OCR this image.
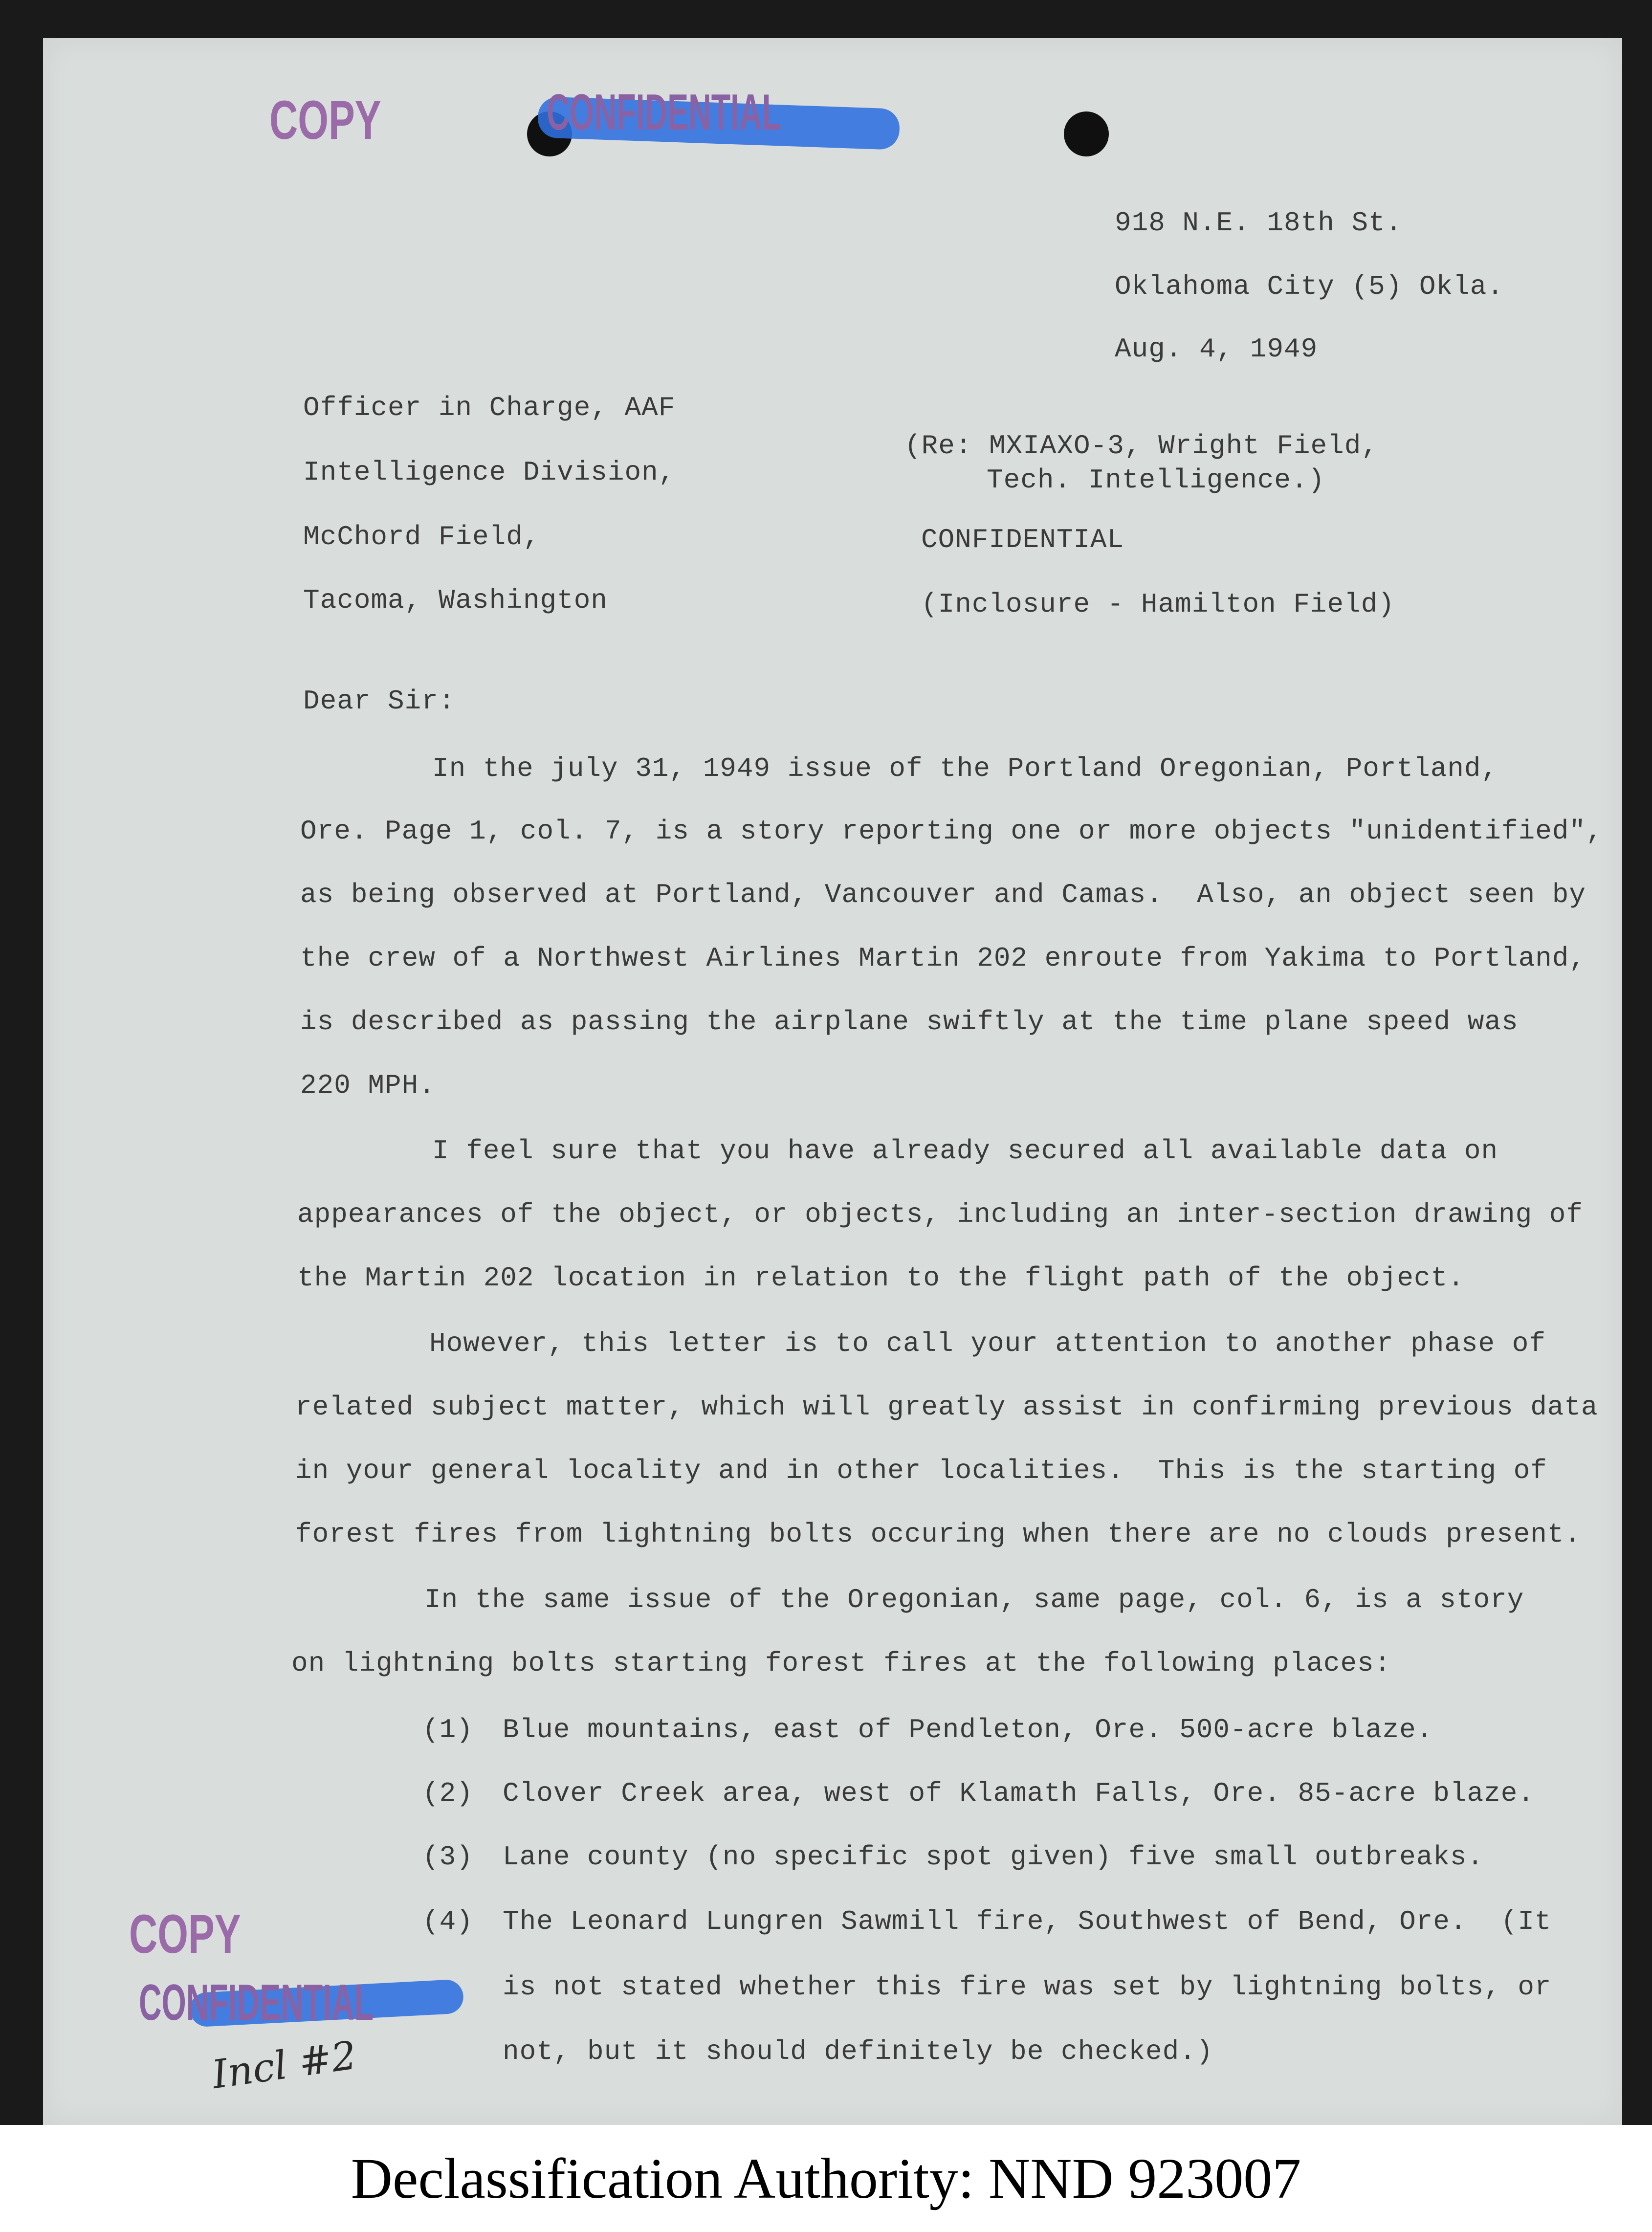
COPY	CONFIDENTIAL
918 N.E. 18th St.
Oklahoma City (5) Okla.
Aug. 4, 1949
Officer in Charge, AAF
Intelligence Division,
McChord Field,
Tacoma, Washington
(Re: MXIAXO-3, Wright Field,
Tech. Intelligence.)
CONFIDENTIAL
(Inclosure - Hamilton Field)
Dear Sir:
In the july 31, 1949 issue of the Portland Oregonian, Portland,
Ore. Page 1, col. 7, is a story reporting one or more objects "unidentified",
as being observed at Portland, Vancouver and Camas.  Also, an object seen by
the crew of a Northwest Airlines Martin 202 enroute from Yakima to Portland,
is described as passing the airplane swiftly at the time plane speed was
220 MPH.
I feel sure that you have already secured all available data on
appearances of the object, or objects, including an inter-section drawing of
the Martin 202 location in relation to the flight path of the object.
However, this letter is to call your attention to another phase of
related subject matter, which will greatly assist in confirming previous data
in your general locality and in other localities.  This is the starting of
forest fires from lightning bolts occuring when there are no clouds present.
In the same issue of the Oregonian, same page, col. 6, is a story
on lightning bolts starting forest fires at the following places:
(1) Blue mountains, east of Pendleton, Ore. 500-acre blaze.
(2) Clover Creek area, west of Klamath Falls, Ore. 85-acre blaze.
(3) Lane county (no specific spot given) five small outbreaks.
(4) The Leonard Lungren Sawmill fire, Southwest of Bend, Ore.  (It
is not stated whether this fire was set by lightning bolts, or
not, but it should definitely be checked.)
COPY
CONFIDENTIAL
Incl #2
Declassification Authority: NND 923007
